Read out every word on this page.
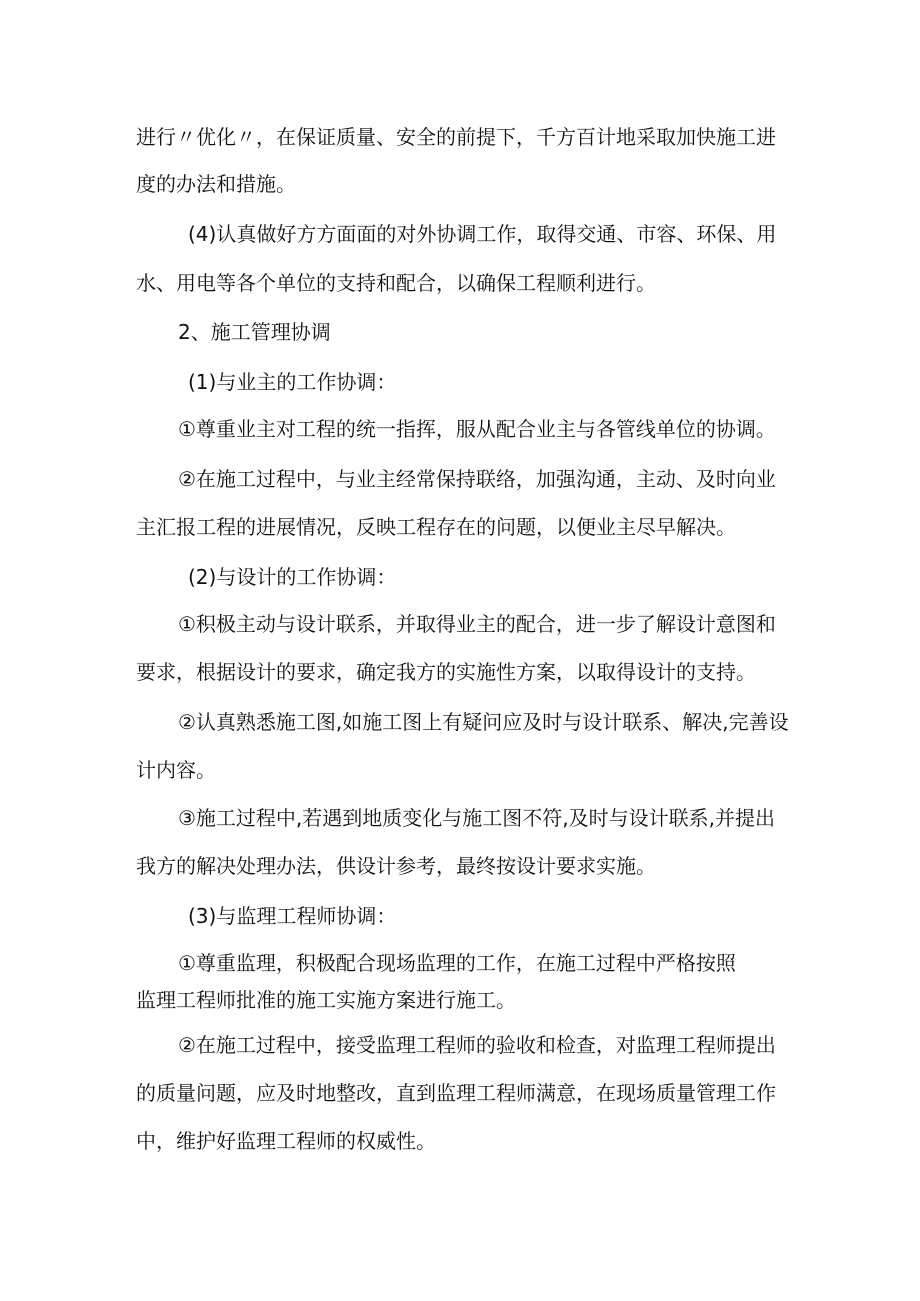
进行〃优化〃，在保证质量、安全的前提下，千方百计地采取加快施工进
度的办法和措施。
(4)认真做好方方面面的对外协调工作，取得交通、市容、环保、用
水、用电等各个单位的支持和配合，以确保工程顺利进行。
2、施工管理协调
(1)与业主的工作协调：
①尊重业主对工程的统一指挥，服从配合业主与各管线单位的协调。
②在施工过程中，与业主经常保持联络，加强沟通，主动、及时向业
主汇报工程的进展情况，反映工程存在的问题，以便业主尽早解决。
(2)与设计的工作协调：
①积极主动与设计联系，并取得业主的配合，进一步了解设计意图和
要求，根据设计的要求，确定我方的实施性方案，以取得设计的支持。
②认真熟悉施工图,如施工图上有疑问应及时与设计联系、解决,完善设
计内容。
③施工过程中,若遇到地质变化与施工图不符,及时与设计联系,并提出
我方的解决处理办法，供设计参考，最终按设计要求实施。
(3)与监理工程师协调：
①尊重监理，积极配合现场监理的工作，在施工过程中严格按照
监理工程师批准的施工实施方案进行施工。
②在施工过程中，接受监理工程师的验收和检查，对监理工程师提出
的质量问题，应及时地整改，直到监理工程师满意，在现场质量管理工作
中，维护好监理工程师的权威性。
